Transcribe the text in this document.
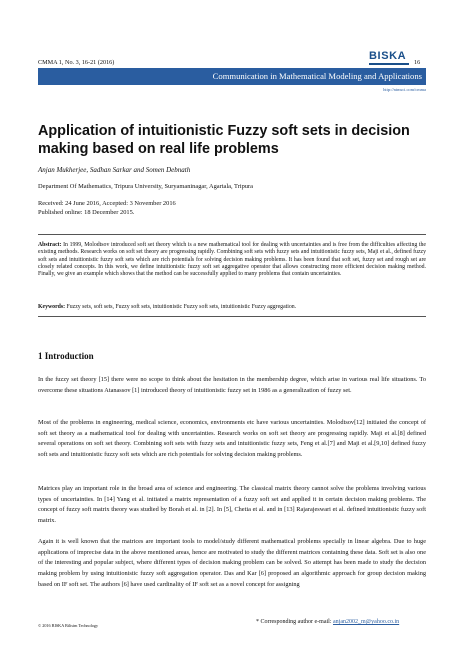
CMMA 1, No. 3, 16-21 (2016)
BISKA
16
Communication in Mathematical Modeling and Applications
http://ntmsci.com/cmma
Application of intuitionistic Fuzzy soft sets in decision making based on real life problems
Anjan Mukherjee, Sadhan Sarkar and Somen Debnath
Department Of Mathematics, Tripura University, Suryamaninagar, Agartala, Tripura
Received: 24 June 2016, Accepted: 3 November 2016
Published online: 18 December 2015.
Abstract: In 1999, Molodtsov introduced soft set theory which is a new mathematical tool for dealing with uncertainties and is free from the difficulties affecting the existing methods. Research works on soft set theory are progressing rapidly. Combining soft sets with fuzzy sets and intuitionistic fuzzy sets, Maji et al., defined fuzzy soft sets and intuitionistic fuzzy soft sets which are rich potentials for solving decision making problems. It has been found that soft set, fuzzy set and rough set are closely related concepts. In this work, we define intuitionistic fuzzy soft set aggregative operator that allows constructing more efficient decision making method. Finally, we give an example which shows that the method can be successfully applied to many problems that contain uncertainties.
Keywords: Fuzzy sets, soft sets, Fuzzy soft sets, intuitionistic Fuzzy soft sets, intuitionistic Fuzzy aggregation.
1 Introduction
In the fuzzy set theory [15] there were no scope to think about the hesitation in the membership degree, which arise in various real life situations. To overcome these situations Atanassov [1] introduced theory of intuitionistic fuzzy set in 1986 as a generalization of fuzzy set.
Most of the problems in engineering, medical science, economics, environments etc have various uncertainties. Molodtsov[12] initiated the concept of soft set theory as a mathematical tool for dealing with uncertainties. Research works on soft set theory are progressing rapidly. Maji et al.[8] defined several operations on soft set theory. Combining soft sets with fuzzy sets and intuitionistic fuzzy sets, Feng et al.[7] and Maji et al.[9,10] defined fuzzy soft sets and intuitionistic fuzzy soft sets which are rich potentials for solving decision making problems.
Matrices play an important role in the broad area of science and engineering. The classical matrix theory cannot solve the problems involving various types of uncertainties. In [14] Yang et al. initiated a matrix representation of a fuzzy soft set and applied it in certain decision making problems. The concept of fuzzy soft matrix theory was studied by Borah et al. in [2]. In [5], Chetia et al. and in [13] Rajarajeswari et al. defined intuitionistic fuzzy soft matrix.
Again it is well known that the matrices are important tools to model/study different mathematical problems specially in linear algebra. Due to huge applications of imprecise data in the above mentioned areas, hence are motivated to study the different matrices containing these data. Soft set is also one of the interesting and popular subject, where different types of decision making problem can be solved. So attempt has been made to study the decision making problem by using intuitionistic fuzzy soft aggregation operator. Das and Kar [6] proposed an algorithmic approach for group decision making based on IF soft set. The authors [6] have used cardinality of IF soft set as a novel concept for assigning
© 2016 BISKA Bilisim Technology
* Corresponding author e-mail: anjan2002_m@yahoo.co.in
